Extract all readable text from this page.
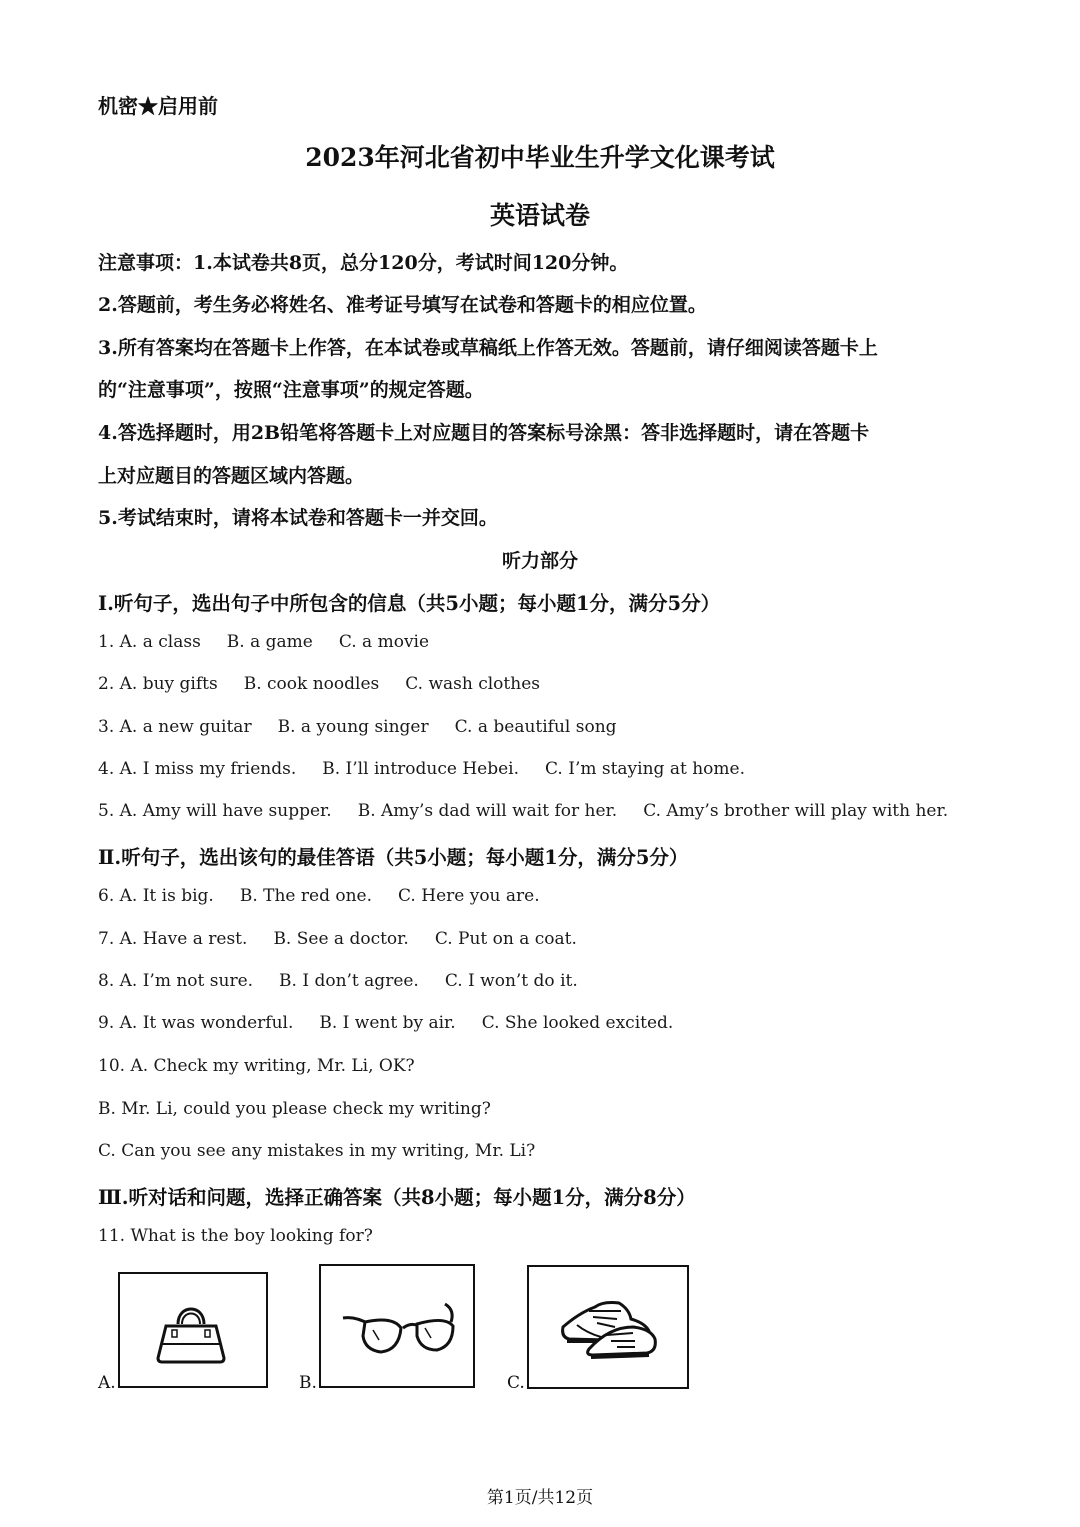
机密★启用前
2023年河北省初中毕业生升学文化课考试
英语试卷
注意事项：1.本试卷共8页，总分120分，考试时间120分钟。
2.答题前，考生务必将姓名、准考证号填写在试卷和答题卡的相应位置。
3.所有答案均在答题卡上作答，在本试卷或草稿纸上作答无效。答题前，请仔细阅读答题卡上
的“注意事项”，按照“注意事项”的规定答题。
4.答选择题时，用2B铅笔将答题卡上对应题目的答案标号涂黑：答非选择题时，请在答题卡
上对应题目的答题区域内答题。
5.考试结束时，请将本试卷和答题卡一并交回。
听力部分
Ⅰ.听句子，选出句子中所包含的信息（共5小题；每小题1分，满分5分）
1. A. a class B. a game C. a movie
2. A. buy gifts B. cook noodles C. wash clothes
3. A. a new guitar B. a young singer C. a beautiful song
4. A. I miss my friends. B. I’ll introduce Hebei. C. I’m staying at home.
5. A. Amy will have supper. B. Amy’s dad will wait for her. C. Amy’s brother will play with her.
Ⅱ.听句子，选出该句的最佳答语（共5小题；每小题1分，满分5分）
6. A. It is big. B. The red one. C. Here you are.
7. A. Have a rest. B. See a doctor. C. Put on a coat.
8. A. I’m not sure. B. I don’t agree. C. I won’t do it.
9. A. It was wonderful. B. I went by air. C. She looked excited.
10. A. Check my writing, Mr. Li, OK?
B. Mr. Li, could you please check my writing?
C. Can you see any mistakes in my writing, Mr. Li?
Ⅲ.听对话和问题，选择正确答案（共8小题；每小题1分，满分8分）
11. What is the boy looking for?
A.	B.	C.
第1页/共12页
